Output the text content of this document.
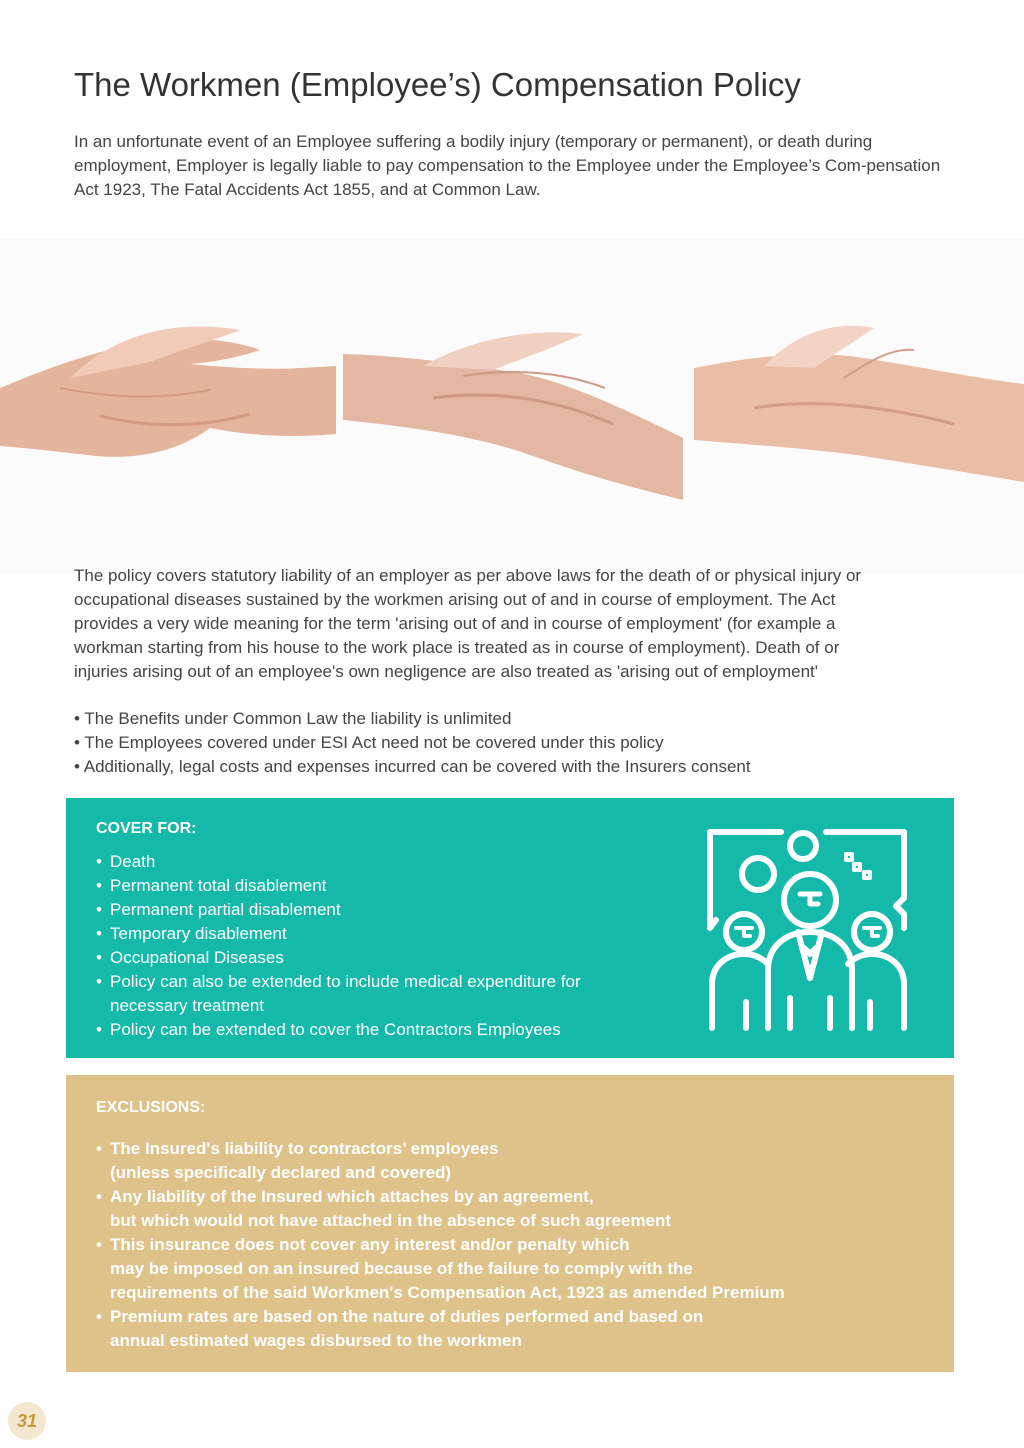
The Workmen (Employee’s) Compensation Policy

In an unfortunate event of an Employee suffering a bodily injury (temporary or permanent), or death during employment, Employer is legally liable to pay compensation to the Employee under the Employee’s Com-pensation Act 1923, The Fatal Accidents Act 1855, and at Common Law.

The policy covers statutory liability of an employer as per above laws for the death of or physical injury or
occupational diseases sustained by the workmen arising out of and in course of employment. The Act
provides a very wide meaning for the term 'arising out of and in course of employment' (for example a
workman starting from his house to the work place is treated as in course of employment). Death of or
injuries arising out of an employee's own negligence are also treated as 'arising out of employment'

• The Benefits under Common Law the liability is unlimited
• The Employees covered under ESI Act need not be covered under this policy
• Additionally, legal costs and expenses incurred can be covered with the Insurers consent
COVER FOR:
• Death
• Permanent total disablement
• Permanent partial disablement
• Temporary disablement
• Occupational Diseases
• Policy can also be extended to include medical expenditure for necessary treatment
• Policy can be extended to cover the Contractors Employees
EXCLUSIONS:
• The Insured's liability to contractors’ employees
(unless specifically declared and covered)
• Any liability of the Insured which attaches by an agreement,
but which would not have attached in the absence of such agreement
• This insurance does not cover any interest and/or penalty which
may be imposed on an insured because of the failure to comply with the
requirements of the said Workmen's Compensation Act, 1923 as amended Premium
• Premium rates are based on the nature of duties performed and based on
annual estimated wages disbursed to the workmen
31
